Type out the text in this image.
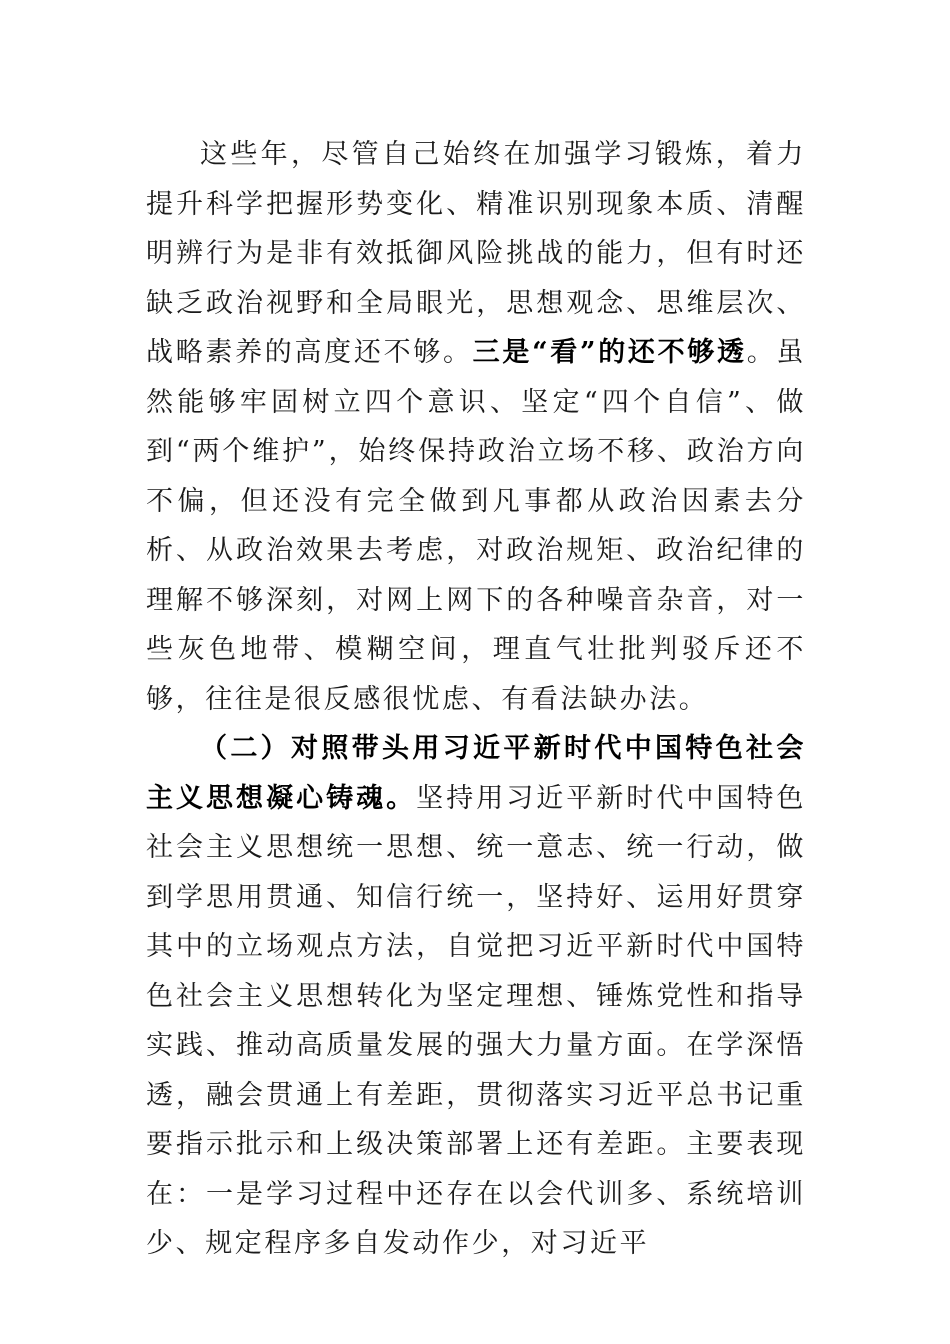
这些年，尽管自己始终在加强学习锻炼，着力提升科学把握形势变化、精准识别现象本质、清醒明辨行为是非有效抵御风险挑战的能力，但有时还缺乏政治视野和全局眼光，思想观念、思维层次、战略素养的高度还不够。三是“看”的还不够透。虽然能够牢固树立四个意识、坚定“四个自信”、做到“两个维护”，始终保持政治立场不移、政治方向不偏，但还没有完全做到凡事都从政治因素去分析、从政治效果去考虑，对政治规矩、政治纪律的理解不够深刻，对网上网下的各种噪音杂音，对一些灰色地带、模糊空间，理直气壮批判驳斥还不够，往往是很反感很忧虑、有看法缺办法。

（二）对照带头用习近平新时代中国特色社会主义思想凝心铸魂。坚持用习近平新时代中国特色社会主义思想统一思想、统一意志、统一行动，做到学思用贯通、知信行统一，坚持好、运用好贯穿其中的立场观点方法，自觉把习近平新时代中国特色社会主义思想转化为坚定理想、锤炼党性和指导实践、推动高质量发展的强大力量方面。在学深悟透，融会贯通上有差距，贯彻落实习近平总书记重要指示批示和上级决策部署上还有差距。主要表现在：一是学习过程中还存在以会代训多、系统培训少、规定程序多自发动作少，对习近平
